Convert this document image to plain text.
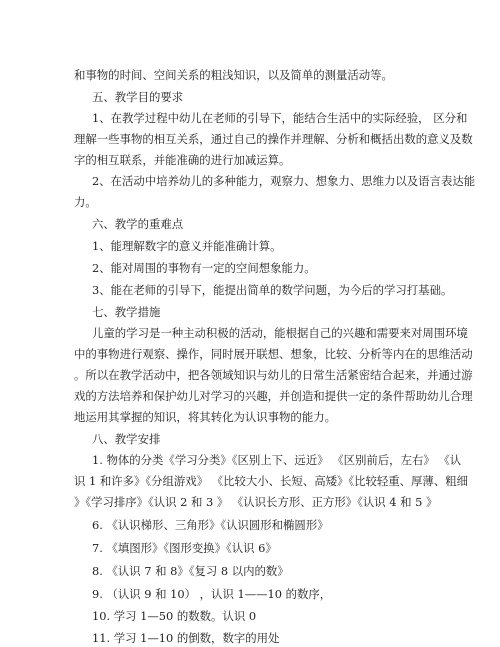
和事物的时间、空间关系的粗浅知识，以及简单的测量活动等。
五、教学目的要求
1、在教学过程中幼儿在老师的引导下，能结合生活中的实际经验， 区分和
理解一些事物的相互关系，通过自己的操作并理解、分析和概括出数的意义及数
字的相互联系，并能准确的进行加减运算。
2、在活动中培养幼儿的多种能力，观察力、想象力、思维力以及语言表达能
力。
六、教学的重难点
1、能理解数字的意义并能准确计算。
2、能对周围的事物有一定的空间想象能力。
3、能在老师的引导下，能提出简单的数学问题，为今后的学习打基础。
七、教学措施
儿童的学习是一种主动积极的活动，能根据自己的兴趣和需要来对周围环境
中的事物进行观察、操作，同时展开联想、想象，比较、分析等内在的思维活动
。所以在教学活动中，把各领域知识与幼儿的日常生活紧密结合起来，并通过游
戏的方法培养和保护幼儿对学习的兴趣，并创造和提供一定的条件帮助幼儿合理
地运用其掌握的知识，将其转化为认识事物的能力。
八、教学安排
1. 物体的分类《学习分类》《区别上下、远近》 《区别前后，左右》 《认
识 1 和许多》《分组游戏》 《比较大小、长短、高矮》《比较轻重、厚薄、粗细
》《学习排序》《认识 2 和 3 》 《认识长方形、正方形》《认识 4 和 5 》
6. 《认识梯形、三角形》《认识圆形和椭圆形》
7. 《填图形》《图形变换》《认识 6》
8. 《认识 7 和 8》《复习 8 以内的数》
9. （认识 9 和 10） ，认识 1——10 的数序，
10. 学习 1—50 的数数。认识 0
11. 学习 1—10 的倒数，数字的用处
